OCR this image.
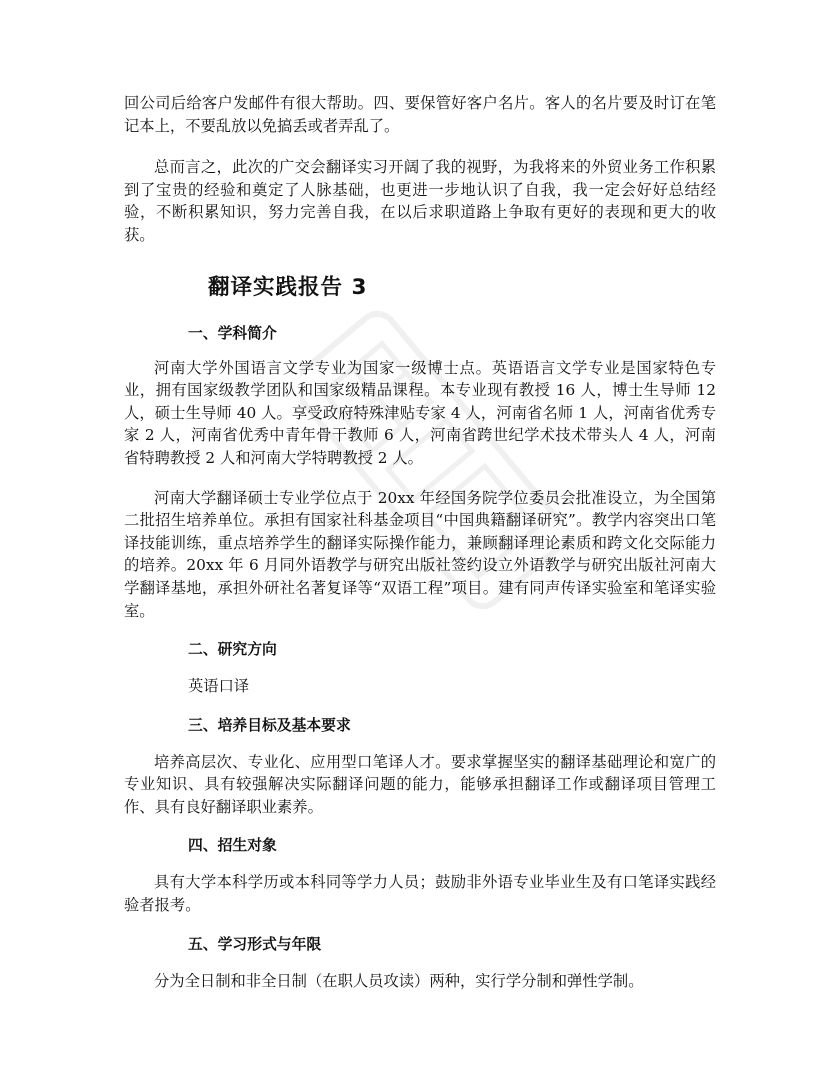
回公司后给客户发邮件有很大帮助。四、要保管好客户名片。客人的名片要及时订在笔记本上，不要乱放以免搞丢或者弄乱了。

总而言之，此次的广交会翻译实习开阔了我的视野，为我将来的外贸业务工作积累到了宝贵的经验和奠定了人脉基础，也更进一步地认识了自我，我一定会好好总结经验，不断积累知识，努力完善自我，在以后求职道路上争取有更好的表现和更大的收获。

翻译实践报告 3
一、学科简介

河南大学外国语言文学专业为国家一级博士点。英语语言文学专业是国家特色专业，拥有国家级教学团队和国家级精品课程。本专业现有教授 16 人，博士生导师 12 人，硕士生导师 40 人。享受政府特殊津贴专家 4 人，河南省名师 1 人，河南省优秀专家 2 人，河南省优秀中青年骨干教师 6 人，河南省跨世纪学术技术带头人 4 人，河南省特聘教授 2 人和河南大学特聘教授 2 人。

河南大学翻译硕士专业学位点于 20xx 年经国务院学位委员会批准设立，为全国第二批招生培养单位。承担有国家社科基金项目“中国典籍翻译研究”。教学内容突出口笔译技能训练，重点培养学生的翻译实际操作能力，兼顾翻译理论素质和跨文化交际能力的培养。20xx 年 6 月同外语教学与研究出版社签约设立外语教学与研究出版社河南大学翻译基地，承担外研社名著复译等“双语工程”项目。建有同声传译实验室和笔译实验室。

二、研究方向

英语口译

三、培养目标及基本要求

培养高层次、专业化、应用型口笔译人才。要求掌握坚实的翻译基础理论和宽广的专业知识、具有较强解决实际翻译问题的能力，能够承担翻译工作或翻译项目管理工作、具有良好翻译职业素养。

四、招生对象

具有大学本科学历或本科同等学力人员；鼓励非外语专业毕业生及有口笔译实践经验者报考。

五、学习形式与年限

分为全日制和非全日制（在职人员攻读）两种，实行学分制和弹性学制。
